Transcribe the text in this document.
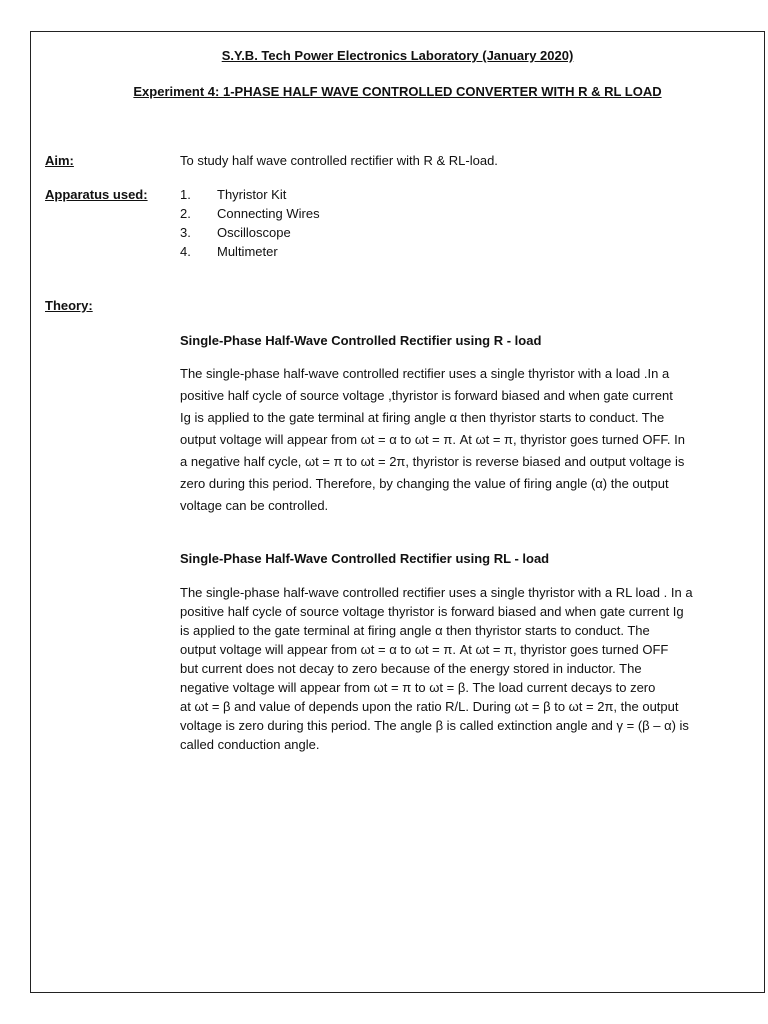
S.Y.B. Tech Power Electronics Laboratory (January 2020)
Experiment 4: 1-PHASE HALF WAVE CONTROLLED CONVERTER WITH R & RL LOAD
Aim:	To study half wave controlled rectifier with R & RL-load.
Apparatus used: 1. Thyristor Kit
2. Connecting Wires
3. Oscilloscope
4. Multimeter
Theory:
Single-Phase Half-Wave Controlled Rectifier using R - load
The single-phase half-wave controlled rectifier uses a single thyristor with a load .In a
positive half cycle of source voltage ,thyristor is forward biased and when gate current
Ig is applied to the gate terminal at firing angle α then thyristor starts to conduct. The
output voltage will appear from ωt = α to ωt = π. At ωt = π, thyristor goes turned OFF. In
a negative half cycle, ωt = π to ωt = 2π, thyristor is reverse biased and output voltage is
zero during this period. Therefore, by changing the value of firing angle (α) the output
voltage can be controlled.
Single-Phase Half-Wave Controlled Rectifier using RL - load
The single-phase half-wave controlled rectifier uses a single thyristor with a RL load . In a
positive half cycle of source voltage thyristor is forward biased and when gate current Ig
is applied to the gate terminal at firing angle α then thyristor starts to conduct. The
output voltage will appear from ωt = α to ωt = π. At ωt = π, thyristor goes turned OFF
but current does not decay to zero because of the energy stored in inductor. The
negative voltage will appear from ωt = π to ωt = β. The load current decays to zero
at ωt = β and value of depends upon the ratio R/L. During ωt = β to ωt = 2π, the output
voltage is zero during this period. The angle β is called extinction angle and γ = (β – α) is
called conduction angle.
